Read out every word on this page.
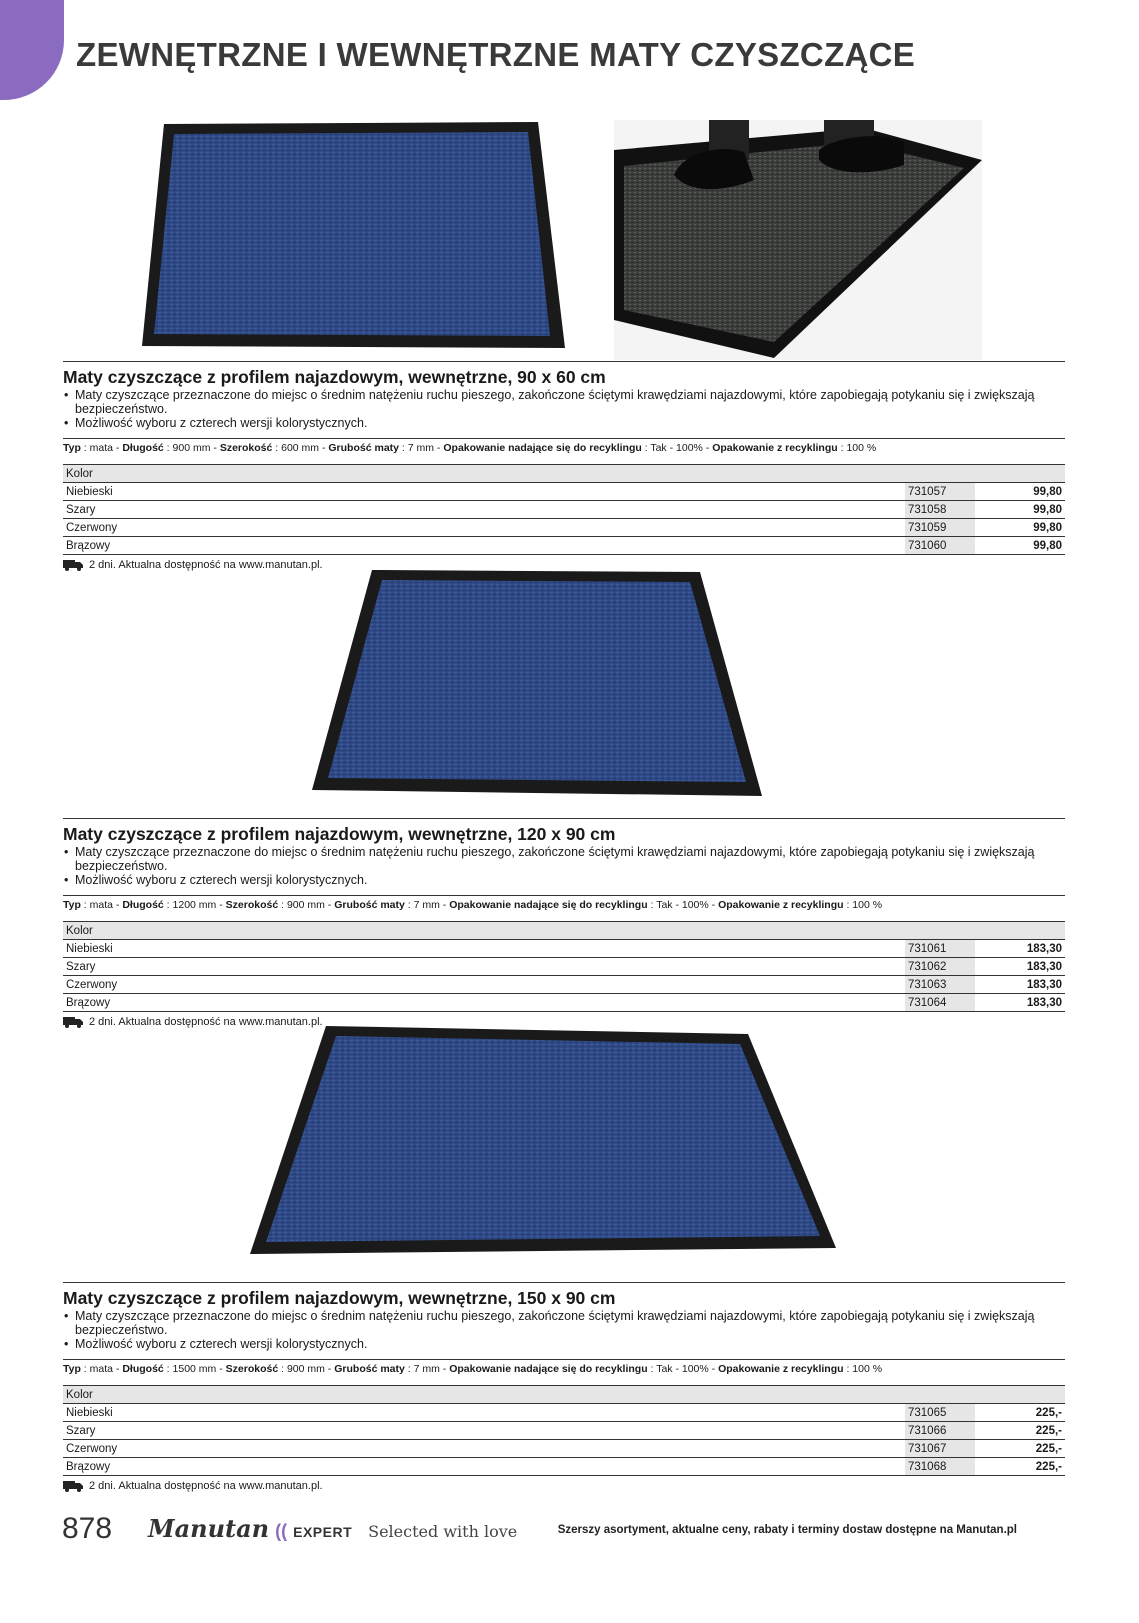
ZEWNĘTRZNE I WEWNĘTRZNE MATY CZYSZCZĄCE
Maty czyszczące z profilem najazdowym, wewnętrzne, 90 x 60 cm
• Maty czyszczące przeznaczone do miejsc o średnim natężeniu ruchu pieszego, zakończone ściętymi krawędziami najazdowymi, które zapobiegają potykaniu się i zwiększają bezpieczeństwo.
• Możliwość wyboru z czterech wersji kolorystycznych.
Typ : mata - Długość : 900 mm - Szerokość : 600 mm - Grubość maty : 7 mm - Opakowanie nadające się do recyklingu : Tak - 100% - Opakowanie z recyklingu : 100 %
Kolor			
Niebieski	731057		99,80
Szary	731058		99,80
Czerwony	731059		99,80
Brązowy	731060		99,80
2 dni. Aktualna dostępność na www.manutan.pl.
Maty czyszczące z profilem najazdowym, wewnętrzne, 120 x 90 cm
• Maty czyszczące przeznaczone do miejsc o średnim natężeniu ruchu pieszego, zakończone ściętymi krawędziami najazdowymi, które zapobiegają potykaniu się i zwiększają bezpieczeństwo.
• Możliwość wyboru z czterech wersji kolorystycznych.
Typ : mata - Długość : 1200 mm - Szerokość : 900 mm - Grubość maty : 7 mm - Opakowanie nadające się do recyklingu : Tak - 100% - Opakowanie z recyklingu : 100 %
Kolor			
Niebieski	731061		183,30
Szary	731062		183,30
Czerwony	731063		183,30
Brązowy	731064		183,30
2 dni. Aktualna dostępność na www.manutan.pl.
Maty czyszczące z profilem najazdowym, wewnętrzne, 150 x 90 cm
• Maty czyszczące przeznaczone do miejsc o średnim natężeniu ruchu pieszego, zakończone ściętymi krawędziami najazdowymi, które zapobiegają potykaniu się i zwiększają bezpieczeństwo.
• Możliwość wyboru z czterech wersji kolorystycznych.
Typ : mata - Długość : 1500 mm - Szerokość : 900 mm - Grubość maty : 7 mm - Opakowanie nadające się do recyklingu : Tak - 100% - Opakowanie z recyklingu : 100 %
Kolor			
Niebieski	731065		225,-
Szary	731066		225,-
Czerwony	731067		225,-
Brązowy	731068		225,-
2 dni. Aktualna dostępność na www.manutan.pl.
878 Manutan (( EXPERT Selected with love	Szerszy asortyment, aktualne ceny, rabaty i terminy dostaw dostępne na Manutan.pl
